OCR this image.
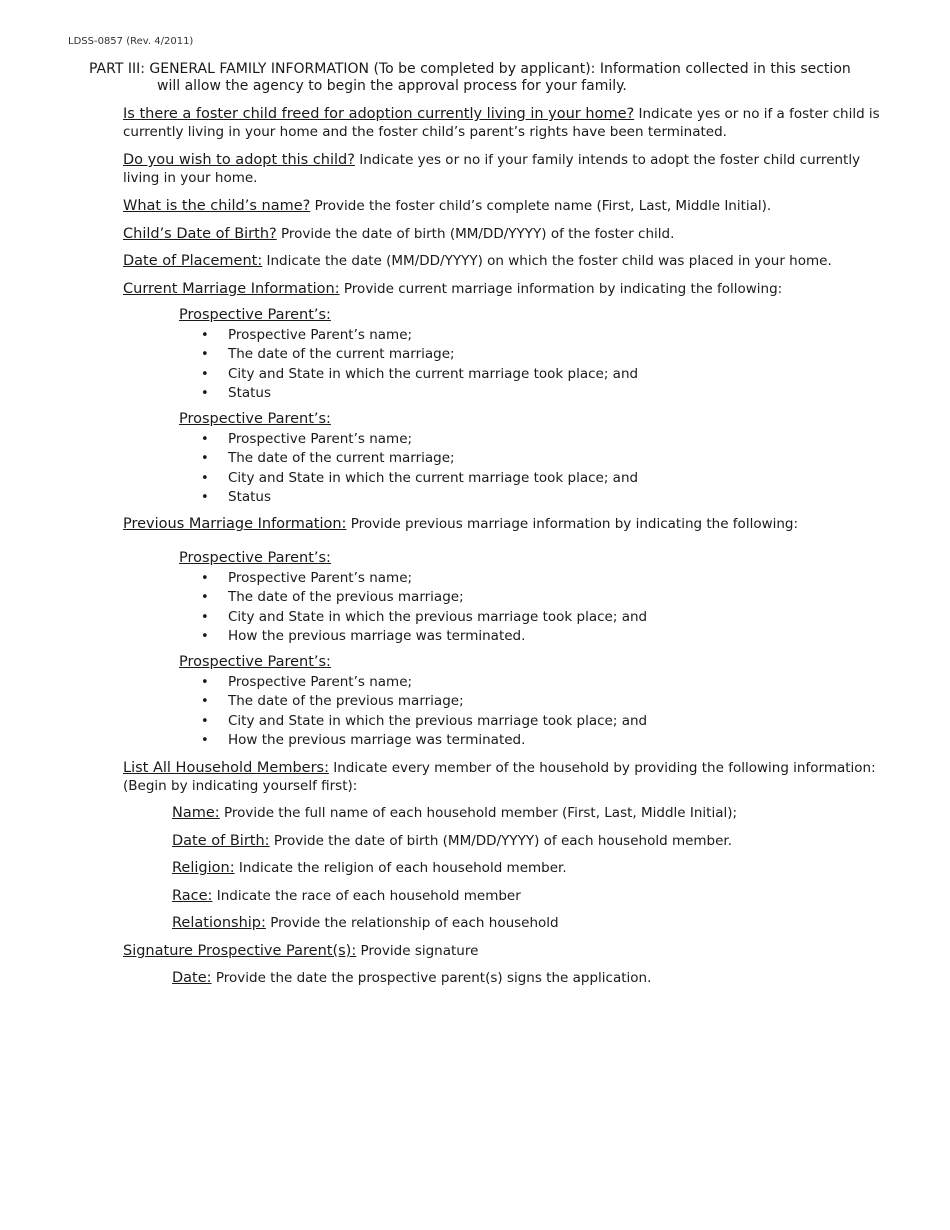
LDSS-0857 (Rev. 4/2011)
PART III: GENERAL FAMILY INFORMATION (To be completed by applicant): Information collected in this section
will allow the agency to begin the approval process for your family.
Is there a foster child freed for adoption currently living in your home? Indicate yes or no if a foster child is
currently living in your home and the foster child’s parent’s rights have been terminated.
Do you wish to adopt this child? Indicate yes or no if your family intends to adopt the foster child currently
living in your home.
What is the child’s name? Provide the foster child’s complete name (First, Last, Middle Initial).
Child’s Date of Birth? Provide the date of birth (MM/DD/YYYY) of the foster child.
Date of Placement: Indicate the date (MM/DD/YYYY) on which the foster child was placed in your home.
Current Marriage Information: Provide current marriage information by indicating the following:
Prospective Parent’s:
• Prospective Parent’s name;
• The date of the current marriage;
• City and State in which the current marriage took place; and
• Status
Prospective Parent’s:
• Prospective Parent’s name;
• The date of the current marriage;
• City and State in which the current marriage took place; and
• Status
Previous Marriage Information: Provide previous marriage information by indicating the following:
Prospective Parent’s:
• Prospective Parent’s name;
• The date of the previous marriage;
• City and State in which the previous marriage took place; and
• How the previous marriage was terminated.
Prospective Parent’s:
• Prospective Parent’s name;
• The date of the previous marriage;
• City and State in which the previous marriage took place; and
• How the previous marriage was terminated.
List All Household Members: Indicate every member of the household by providing the following information:
(Begin by indicating yourself first):
Name: Provide the full name of each household member (First, Last, Middle Initial);
Date of Birth: Provide the date of birth (MM/DD/YYYY) of each household member.
Religion: Indicate the religion of each household member.
Race: Indicate the race of each household member
Relationship: Provide the relationship of each household
Signature Prospective Parent(s): Provide signature
Date: Provide the date the prospective parent(s) signs the application.
